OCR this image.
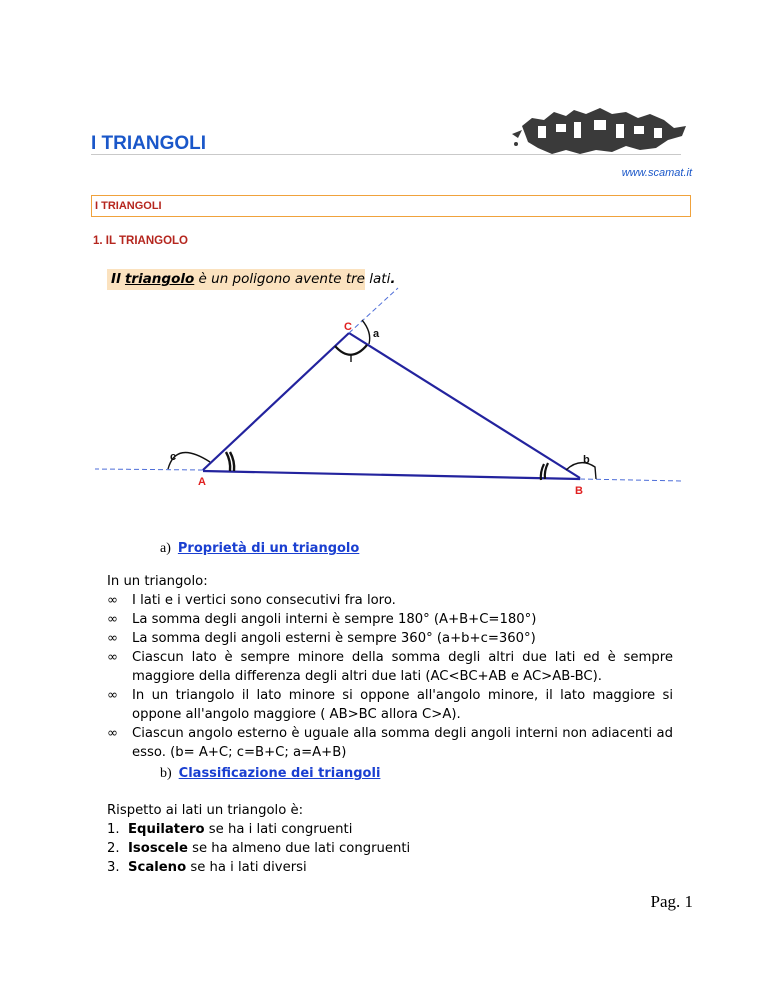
I TRIANGOLI
www.scamat.it
I TRIANGOLI
1. IL TRIANGOLO
Il triangolo è un poligono avente tre lati.
C
a
c
A
b
B
a) Proprietà di un triangolo
In un triangolo:
∞ I lati e i vertici sono consecutivi fra loro.
∞ La somma degli angoli interni è sempre 180° (A+B+C=180°)
∞ La somma degli angoli esterni è sempre 360° (a+b+c=360°)
∞ Ciascun lato è sempre minore della somma degli altri due lati ed è sempre maggiore della differenza degli altri due lati (AC<BC+AB e AC>AB-BC).
∞ In un triangolo il lato minore si oppone all'angolo minore, il lato maggiore si oppone all'angolo maggiore ( AB>BC allora C>A).
∞ Ciascun angolo esterno è uguale alla somma degli angoli interni non adiacenti ad esso. (b= A+C; c=B+C; a=A+B)
b) Classificazione dei triangoli
Rispetto ai lati un triangolo è:
1. Equilatero se ha i lati congruenti
2. Isoscele se ha almeno due lati congruenti
3. Scaleno se ha i lati diversi
Pag. 1
